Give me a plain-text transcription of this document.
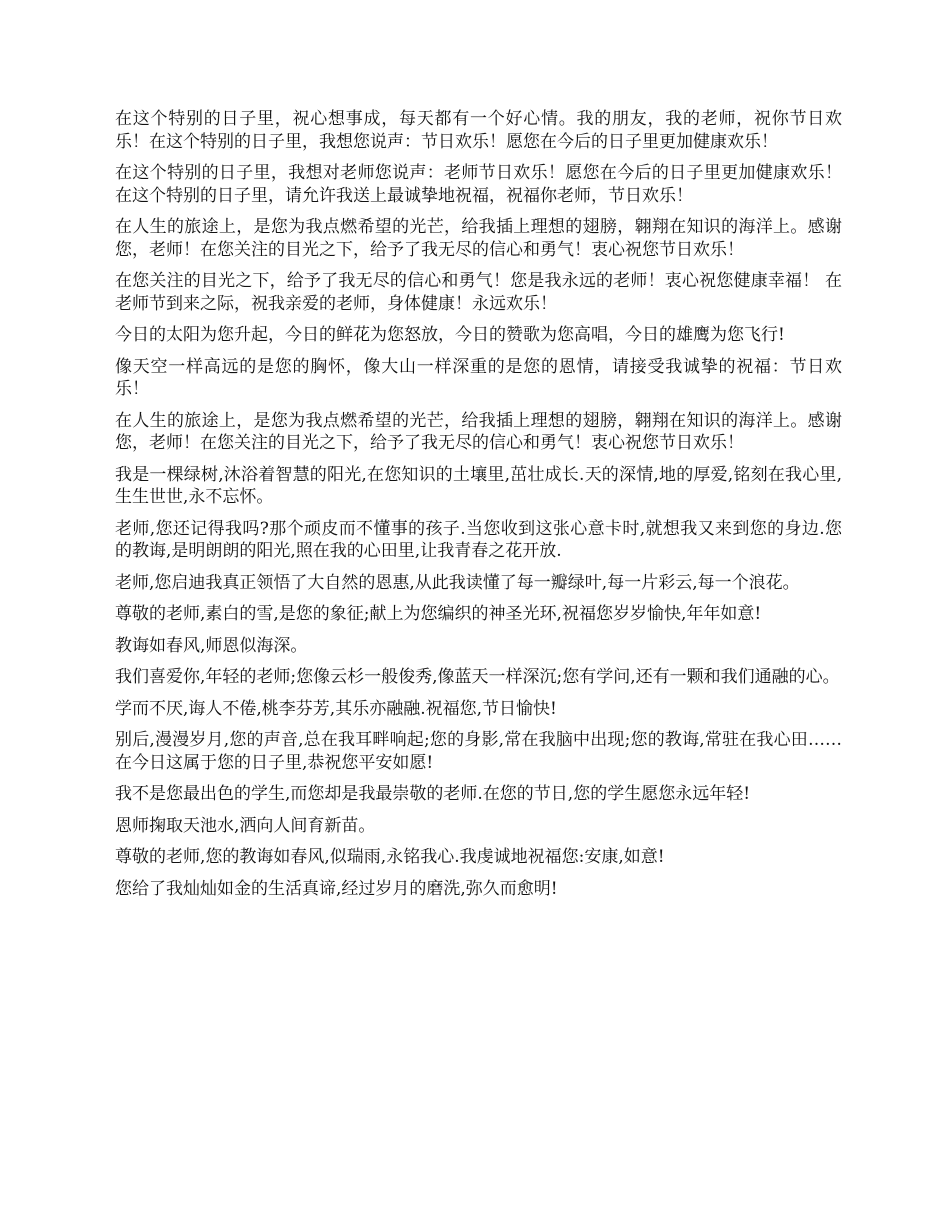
在这个特别的日子里，祝心想事成，每天都有一个好心情。我的朋友，我的老师，祝你节日欢乐！在这个特别的日子里，我想您说声：节日欢乐！愿您在今后的日子里更加健康欢乐！

在这个特别的日子里，我想对老师您说声：老师节日欢乐！愿您在今后的日子里更加健康欢乐！在这个特别的日子里，请允许我送上最诚挚地祝福，祝福你老师，节日欢乐！

在人生的旅途上，是您为我点燃希望的光芒，给我插上理想的翅膀，翱翔在知识的海洋上。感谢您，老师！在您关注的目光之下，给予了我无尽的信心和勇气！衷心祝您节日欢乐！

在您关注的目光之下，给予了我无尽的信心和勇气！您是我永远的老师！衷心祝您健康幸福！ 在老师节到来之际，祝我亲爱的老师，身体健康！永远欢乐！

今日的太阳为您升起，今日的鲜花为您怒放，今日的赞歌为您高唱，今日的雄鹰为您飞行!

像天空一样高远的是您的胸怀，像大山一样深重的是您的恩情，请接受我诚挚的祝福：节日欢乐！

在人生的旅途上，是您为我点燃希望的光芒，给我插上理想的翅膀，翱翔在知识的海洋上。感谢您，老师！在您关注的目光之下，给予了我无尽的信心和勇气！衷心祝您节日欢乐！

我是一棵绿树,沐浴着智慧的阳光,在您知识的土壤里,茁壮成长.天的深情,地的厚爱,铭刻在我心里,生生世世,永不忘怀。

老师,您还记得我吗?那个顽皮而不懂事的孩子.当您收到这张心意卡时,就想我又来到您的身边.您的教诲,是明朗朗的阳光,照在我的心田里,让我青春之花开放.

老师,您启迪我真正领悟了大自然的恩惠,从此我读懂了每一瓣绿叶,每一片彩云,每一个浪花。

尊敬的老师,素白的雪,是您的象征;献上为您编织的神圣光环,祝福您岁岁愉快,年年如意!

教诲如春风,师恩似海深。

我们喜爱你,年轻的老师;您像云杉一般俊秀,像蓝天一样深沉;您有学问,还有一颗和我们通融的心。

学而不厌,诲人不倦,桃李芬芳,其乐亦融融.祝福您,节日愉快!

别后,漫漫岁月,您的声音,总在我耳畔响起;您的身影,常在我脑中出现;您的教诲,常驻在我心田……在今日这属于您的日子里,恭祝您平安如愿!

我不是您最出色的学生,而您却是我最崇敬的老师.在您的节日,您的学生愿您永远年轻!

恩师掬取天池水,洒向人间育新苗。

尊敬的老师,您的教诲如春风,似瑞雨,永铭我心.我虔诚地祝福您:安康,如意!

您给了我灿灿如金的生活真谛,经过岁月的磨洗,弥久而愈明!
